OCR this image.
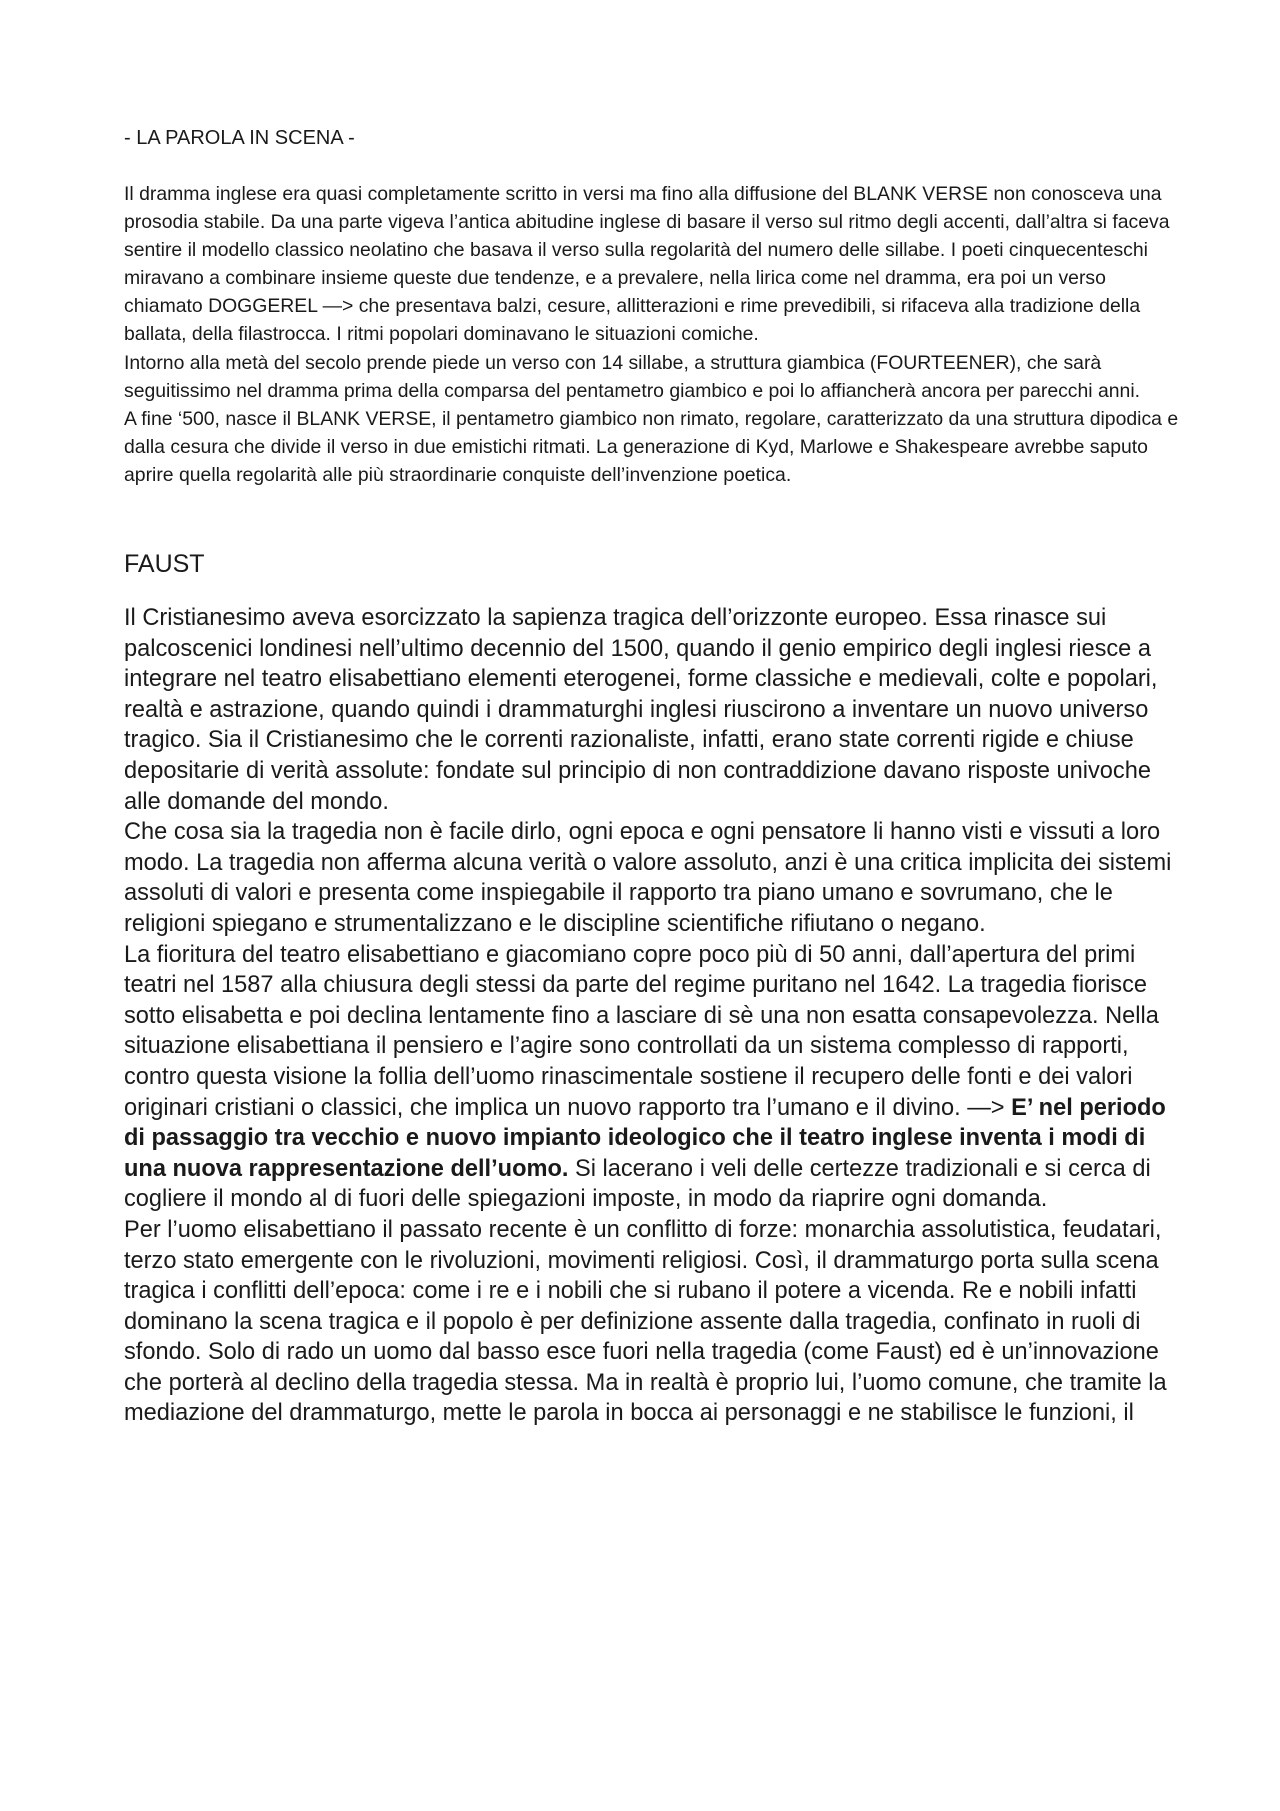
- LA PAROLA IN SCENA -

Il dramma inglese era quasi completamente scritto in versi ma fino alla diffusione del BLANK VERSE non conosceva una prosodia stabile. Da una parte vigeva l’antica abitudine inglese di basare il verso sul ritmo degli accenti, dall’altra si faceva sentire il modello classico neolatino che basava il verso sulla regolarità del numero delle sillabe. I poeti cinquecenteschi miravano a combinare insieme queste due tendenze, e a prevalere, nella lirica come nel dramma, era poi un verso chiamato DOGGEREL —> che presentava balzi, cesure, allitterazioni e rime prevedibili, si rifaceva alla tradizione della ballata, della filastrocca. I ritmi popolari dominavano le situazioni comiche.

Intorno alla metà del secolo prende piede un verso con 14 sillabe, a struttura giambica (FOURTEENER), che sarà seguitissimo nel dramma prima della comparsa del pentametro giambico e poi lo affiancherà ancora per parecchi anni.

A fine ‘500, nasce il BLANK VERSE, il pentametro giambico non rimato, regolare, caratterizzato da una struttura dipodica e dalla cesura che divide il verso in due emistichi ritmati. La generazione di Kyd, Marlowe e Shakespeare avrebbe saputo aprire quella regolarità alle più straordinarie conquiste dell’invenzione poetica.

FAUST

Il Cristianesimo aveva esorcizzato la sapienza tragica dell’orizzonte europeo. Essa rinasce sui palcoscenici londinesi nell’ultimo decennio del 1500, quando il genio empirico degli inglesi riesce a integrare nel teatro elisabettiano elementi eterogenei, forme classiche e medievali, colte e popolari, realtà e astrazione, quando quindi i drammaturghi inglesi riuscirono a inventare un nuovo universo tragico. Sia il Cristianesimo che le correnti razionaliste, infatti, erano state correnti rigide e chiuse depositarie di verità assolute: fondate sul principio di non contraddizione davano risposte univoche alle domande del mondo.

Che cosa sia la tragedia non è facile dirlo, ogni epoca e ogni pensatore li hanno visti e vissuti a loro modo. La tragedia non afferma alcuna verità o valore assoluto, anzi è una critica implicita dei sistemi assoluti di valori e presenta come inspiegabile il rapporto tra piano umano e sovrumano, che le religioni spiegano e strumentalizzano e le discipline scientifiche rifiutano o negano.

La fioritura del teatro elisabettiano e giacomiano copre poco più di 50 anni, dall’apertura del primi teatri nel 1587 alla chiusura degli stessi da parte del regime puritano nel 1642. La tragedia fiorisce sotto elisabetta e poi declina lentamente fino a lasciare di sè una non esatta consapevolezza. Nella situazione elisabettiana il pensiero e l’agire sono controllati da un sistema complesso di rapporti, contro questa visione la follia dell’uomo rinascimentale sostiene il recupero delle fonti e dei valori originari cristiani o classici, che implica un nuovo rapporto tra l’umano e il divino. —> E’ nel periodo di passaggio tra vecchio e nuovo impianto ideologico che il teatro inglese inventa i modi di una nuova rappresentazione dell’uomo. Si lacerano i veli delle certezze tradizionali e si cerca di cogliere il mondo al di fuori delle spiegazioni imposte, in modo da riaprire ogni domanda.

Per l’uomo elisabettiano il passato recente è un conflitto di forze: monarchia assolutistica, feudatari, terzo stato emergente con le rivoluzioni, movimenti religiosi. Così, il drammaturgo porta sulla scena tragica i conflitti dell’epoca: come i re e i nobili che si rubano il potere a vicenda. Re e nobili infatti dominano la scena tragica e il popolo è per definizione assente dalla tragedia, confinato in ruoli di sfondo. Solo di rado un uomo dal basso esce fuori nella tragedia (come Faust) ed è un’innovazione che porterà al declino della tragedia stessa. Ma in realtà è proprio lui, l’uomo comune, che tramite la mediazione del drammaturgo, mette le parola in bocca ai personaggi e ne stabilisce le funzioni, il
